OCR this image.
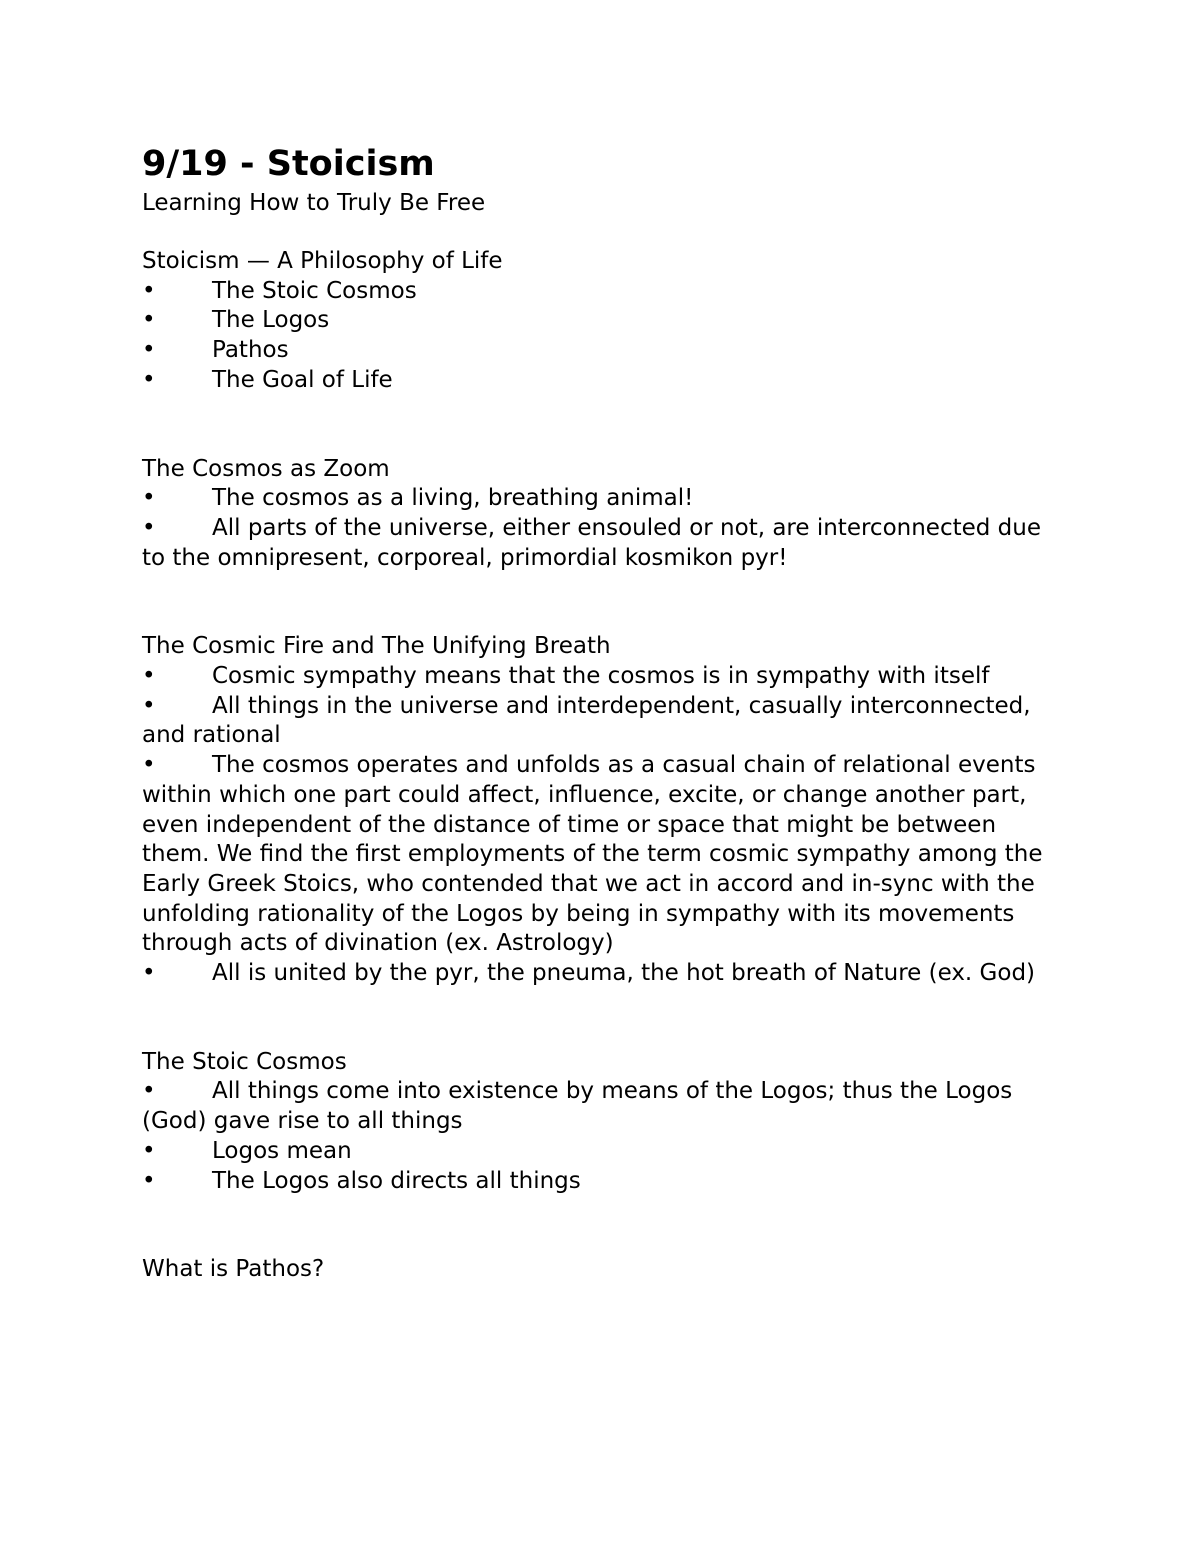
9/19 - Stoicism

Learning How to Truly Be Free

Stoicism — A Philosophy of Life

• The Stoic Cosmos

• The Logos

• Pathos

• The Goal of Life

The Cosmos as Zoom

• The cosmos as a living, breathing animal!

• All parts of the universe, either ensouled or not, are interconnected due to the omnipresent, corporeal, primordial kosmikon pyr!

The Cosmic Fire and The Unifying Breath

• Cosmic sympathy means that the cosmos is in sympathy with itself

• All things in the universe and interdependent, casually interconnected, and rational

• The cosmos operates and unfolds as a casual chain of relational events within which one part could affect, influence, excite, or change another part, even independent of the distance of time or space that might be between them. We find the first employments of the term cosmic sympathy among the Early Greek Stoics, who contended that we act in accord and in-sync with the unfolding rationality of the Logos by being in sympathy with its movements through acts of divination (ex. Astrology)

• All is united by the pyr, the pneuma, the hot breath of Nature (ex. God)

The Stoic Cosmos

• All things come into existence by means of the Logos; thus the Logos (God) gave rise to all things

• Logos mean

• The Logos also directs all things

What is Pathos?
